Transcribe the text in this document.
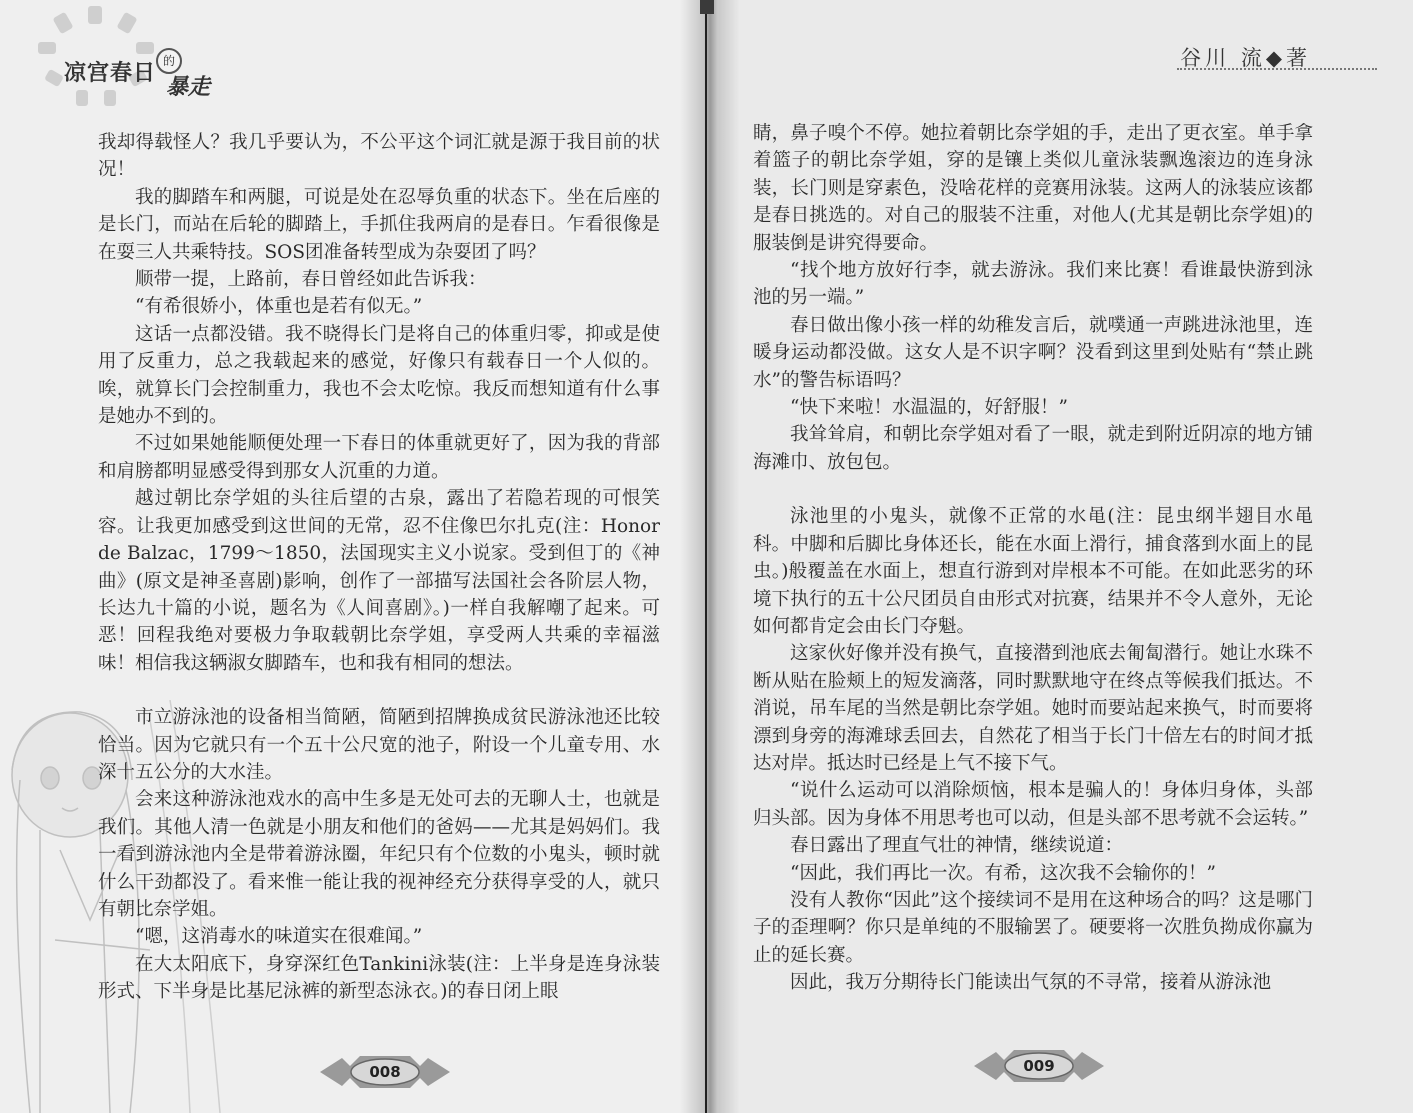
凉宫春日 的
暴走

我却得载怪人？我几乎要认为，不公平这个词汇就是源于我目前的状况！

我的脚踏车和两腿，可说是处在忍辱负重的状态下。坐在后座的是长门，而站在后轮的脚踏上，手抓住我两肩的是春日。乍看很像是在耍三人共乘特技。SOS团准备转型成为杂耍团了吗？

顺带一提，上路前，春日曾经如此告诉我：

“有希很娇小，体重也是若有似无。”

这话一点都没错。我不晓得长门是将自己的体重归零，抑或是使用了反重力，总之我载起来的感觉，好像只有载春日一个人似的。唉，就算长门会控制重力，我也不会太吃惊。我反而想知道有什么事是她办不到的。

不过如果她能顺便处理一下春日的体重就更好了，因为我的背部和肩膀都明显感受得到那女人沉重的力道。

越过朝比奈学姐的头往后望的古泉，露出了若隐若现的可恨笑容。让我更加感受到这世间的无常，忍不住像巴尔扎克(注：Honor de Balzac，1799～1850，法国现实主义小说家。受到但丁的《神曲》(原文是神圣喜剧)影响，创作了一部描写法国社会各阶层人物，长达九十篇的小说，题名为《人间喜剧》。)一样自我解嘲了起来。可恶！回程我绝对要极力争取载朝比奈学姐，享受两人共乘的幸福滋味！相信我这辆淑女脚踏车，也和我有相同的想法。

市立游泳池的设备相当简陋，简陋到招牌换成贫民游泳池还比较恰当。因为它就只有一个五十公尺宽的池子，附设一个儿童专用、水深十五公分的大水洼。

会来这种游泳池戏水的高中生多是无处可去的无聊人士，也就是我们。其他人清一色就是小朋友和他们的爸妈——尤其是妈妈们。我一看到游泳池内全是带着游泳圈，年纪只有个位数的小鬼头，顿时就什么干劲都没了。看来惟一能让我的视神经充分获得享受的人，就只有朝比奈学姐。

“嗯，这消毒水的味道实在很难闻。”

在大太阳底下，身穿深红色Tankini泳装(注：上半身是连身泳装形式、下半身是比基尼泳裤的新型态泳衣。)的春日闭上眼

008
谷川 流◆著

睛，鼻子嗅个不停。她拉着朝比奈学姐的手，走出了更衣室。单手拿着篮子的朝比奈学姐，穿的是镶上类似儿童泳装飘逸滚边的连身泳装，长门则是穿素色，没啥花样的竞赛用泳装。这两人的泳装应该都是春日挑选的。对自己的服装不注重，对他人(尤其是朝比奈学姐)的服装倒是讲究得要命。

“找个地方放好行李，就去游泳。我们来比赛！看谁最快游到泳池的另一端。”

春日做出像小孩一样的幼稚发言后，就噗通一声跳进泳池里，连暖身运动都没做。这女人是不识字啊？没看到这里到处贴有“禁止跳水”的警告标语吗？

“快下来啦！水温温的，好舒服！”

我耸耸肩，和朝比奈学姐对看了一眼，就走到附近阴凉的地方铺海滩巾、放包包。

泳池里的小鬼头，就像不正常的水黾(注：昆虫纲半翅目水黾科。中脚和后脚比身体还长，能在水面上滑行，捕食落到水面上的昆虫。)般覆盖在水面上，想直行游到对岸根本不可能。在如此恶劣的环境下执行的五十公尺团员自由形式对抗赛，结果并不令人意外，无论如何都肯定会由长门夺魁。

这家伙好像并没有换气，直接潜到池底去匍匐潜行。她让水珠不断从贴在脸颊上的短发滴落，同时默默地守在终点等候我们抵达。不消说，吊车尾的当然是朝比奈学姐。她时而要站起来换气，时而要将漂到身旁的海滩球丢回去，自然花了相当于长门十倍左右的时间才抵达对岸。抵达时已经是上气不接下气。

“说什么运动可以消除烦恼，根本是骗人的！身体归身体，头部归头部。因为身体不用思考也可以动，但是头部不思考就不会运转。”

春日露出了理直气壮的神情，继续说道：

“因此，我们再比一次。有希，这次我不会输你的！”

没有人教你“因此”这个接续词不是用在这种场合的吗？这是哪门子的歪理啊？你只是单纯的不服输罢了。硬要将一次胜负拗成你赢为止的延长赛。

因此，我万分期待长门能读出气氛的不寻常，接着从游泳池

009
